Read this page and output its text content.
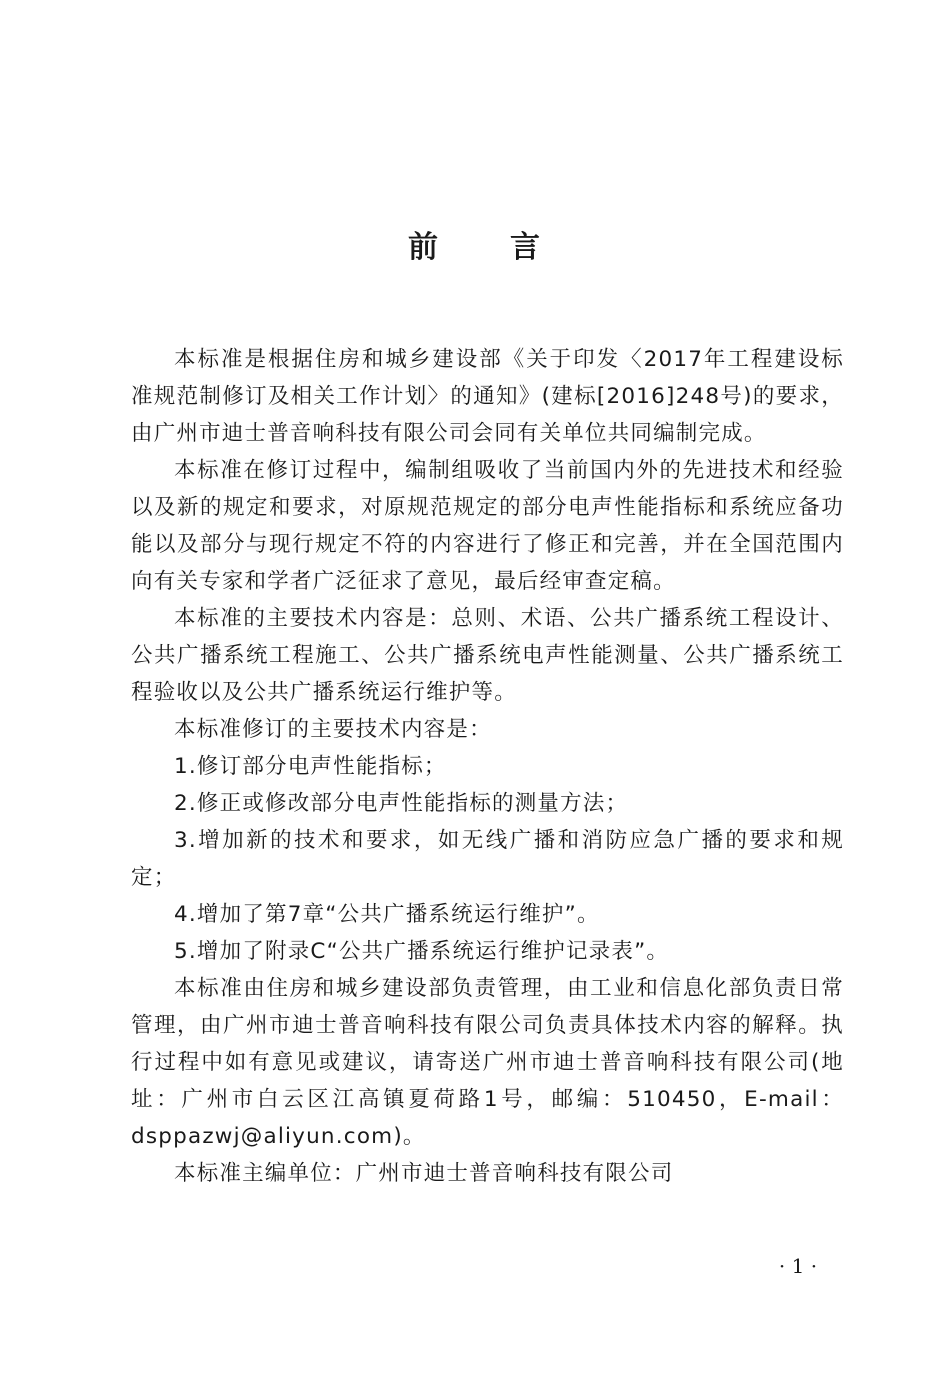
前 言

本标准是根据住房和城乡建设部《关于印发〈2017年工程建设标准规范制修订及相关工作计划〉的通知》(建标[2016]248号)的要求，由广州市迪士普音响科技有限公司会同有关单位共同编制完成。

本标准在修订过程中，编制组吸收了当前国内外的先进技术和经验以及新的规定和要求，对原规范规定的部分电声性能指标和系统应备功能以及部分与现行规定不符的内容进行了修正和完善，并在全国范围内向有关专家和学者广泛征求了意见，最后经审查定稿。

本标准的主要技术内容是：总则、术语、公共广播系统工程设计、公共广播系统工程施工、公共广播系统电声性能测量、公共广播系统工程验收以及公共广播系统运行维护等。

本标准修订的主要技术内容是：

1.修订部分电声性能指标；

2.修正或修改部分电声性能指标的测量方法；

3.增加新的技术和要求，如无线广播和消防应急广播的要求和规定；

4.增加了第7章“公共广播系统运行维护”。

5.增加了附录C“公共广播系统运行维护记录表”。

本标准由住房和城乡建设部负责管理，由工业和信息化部负责日常管理，由广州市迪士普音响科技有限公司负责具体技术内容的解释。执行过程中如有意见或建议，请寄送广州市迪士普音响科技有限公司(地址：广州市白云区江高镇夏荷路1号，邮编：510450，E-mail：dsppazwj@aliyun.com)。

本标准主编单位：广州市迪士普音响科技有限公司

· 1 ·
